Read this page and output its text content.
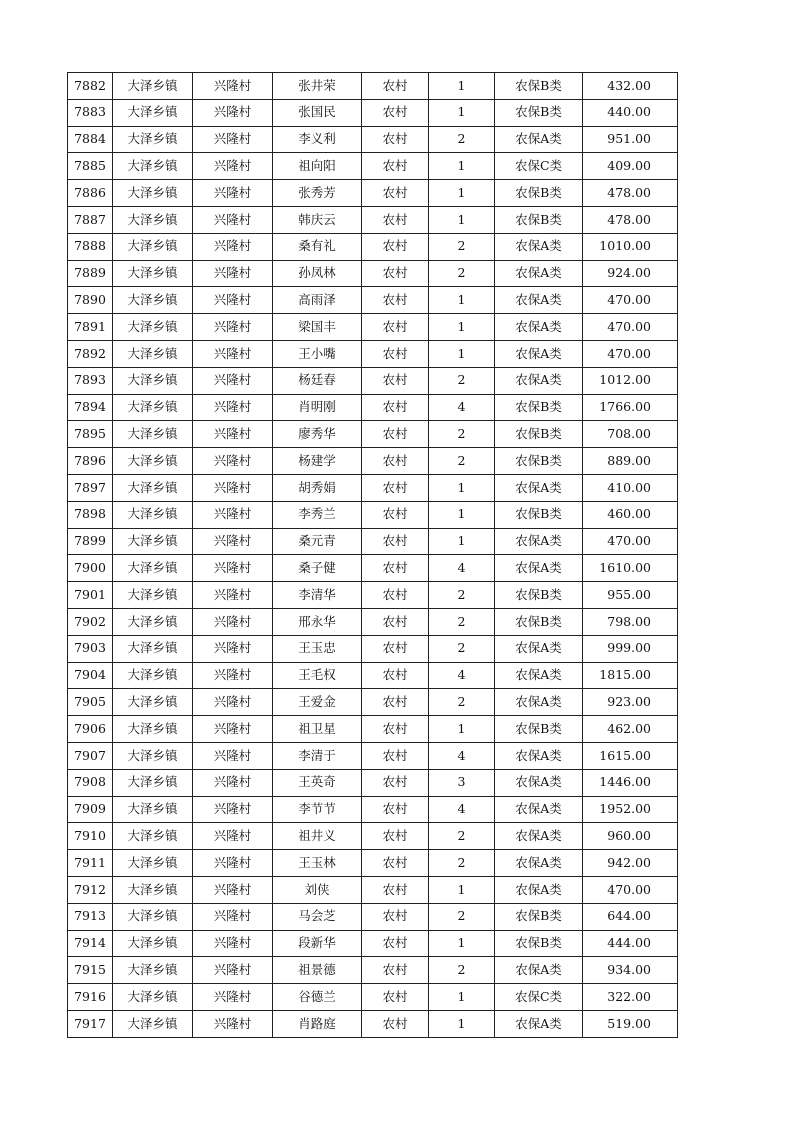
7882	大泽乡镇	兴隆村	张井荣	农村	1	农保B类	432.00
7883	大泽乡镇	兴隆村	张国民	农村	1	农保B类	440.00
7884	大泽乡镇	兴隆村	李义利	农村	2	农保A类	951.00
7885	大泽乡镇	兴隆村	祖向阳	农村	1	农保C类	409.00
7886	大泽乡镇	兴隆村	张秀芳	农村	1	农保B类	478.00
7887	大泽乡镇	兴隆村	韩庆云	农村	1	农保B类	478.00
7888	大泽乡镇	兴隆村	桑有礼	农村	2	农保A类	1010.00
7889	大泽乡镇	兴隆村	孙凤林	农村	2	农保A类	924.00
7890	大泽乡镇	兴隆村	高雨泽	农村	1	农保A类	470.00
7891	大泽乡镇	兴隆村	梁国丰	农村	1	农保A类	470.00
7892	大泽乡镇	兴隆村	王小嘴	农村	1	农保A类	470.00
7893	大泽乡镇	兴隆村	杨廷春	农村	2	农保A类	1012.00
7894	大泽乡镇	兴隆村	肖明刚	农村	4	农保B类	1766.00
7895	大泽乡镇	兴隆村	廖秀华	农村	2	农保B类	708.00
7896	大泽乡镇	兴隆村	杨建学	农村	2	农保B类	889.00
7897	大泽乡镇	兴隆村	胡秀娟	农村	1	农保A类	410.00
7898	大泽乡镇	兴隆村	李秀兰	农村	1	农保B类	460.00
7899	大泽乡镇	兴隆村	桑元青	农村	1	农保A类	470.00
7900	大泽乡镇	兴隆村	桑子健	农村	4	农保A类	1610.00
7901	大泽乡镇	兴隆村	李清华	农村	2	农保B类	955.00
7902	大泽乡镇	兴隆村	邢永华	农村	2	农保B类	798.00
7903	大泽乡镇	兴隆村	王玉忠	农村	2	农保A类	999.00
7904	大泽乡镇	兴隆村	王毛权	农村	4	农保A类	1815.00
7905	大泽乡镇	兴隆村	王爱金	农村	2	农保A类	923.00
7906	大泽乡镇	兴隆村	祖卫星	农村	1	农保B类	462.00
7907	大泽乡镇	兴隆村	李清于	农村	4	农保A类	1615.00
7908	大泽乡镇	兴隆村	王英奇	农村	3	农保A类	1446.00
7909	大泽乡镇	兴隆村	李节节	农村	4	农保A类	1952.00
7910	大泽乡镇	兴隆村	祖井义	农村	2	农保A类	960.00
7911	大泽乡镇	兴隆村	王玉林	农村	2	农保A类	942.00
7912	大泽乡镇	兴隆村	刘侠	农村	1	农保A类	470.00
7913	大泽乡镇	兴隆村	马会芝	农村	2	农保B类	644.00
7914	大泽乡镇	兴隆村	段新华	农村	1	农保B类	444.00
7915	大泽乡镇	兴隆村	祖景德	农村	2	农保A类	934.00
7916	大泽乡镇	兴隆村	谷德兰	农村	1	农保C类	322.00
7917	大泽乡镇	兴隆村	肖路庭	农村	1	农保A类	519.00
